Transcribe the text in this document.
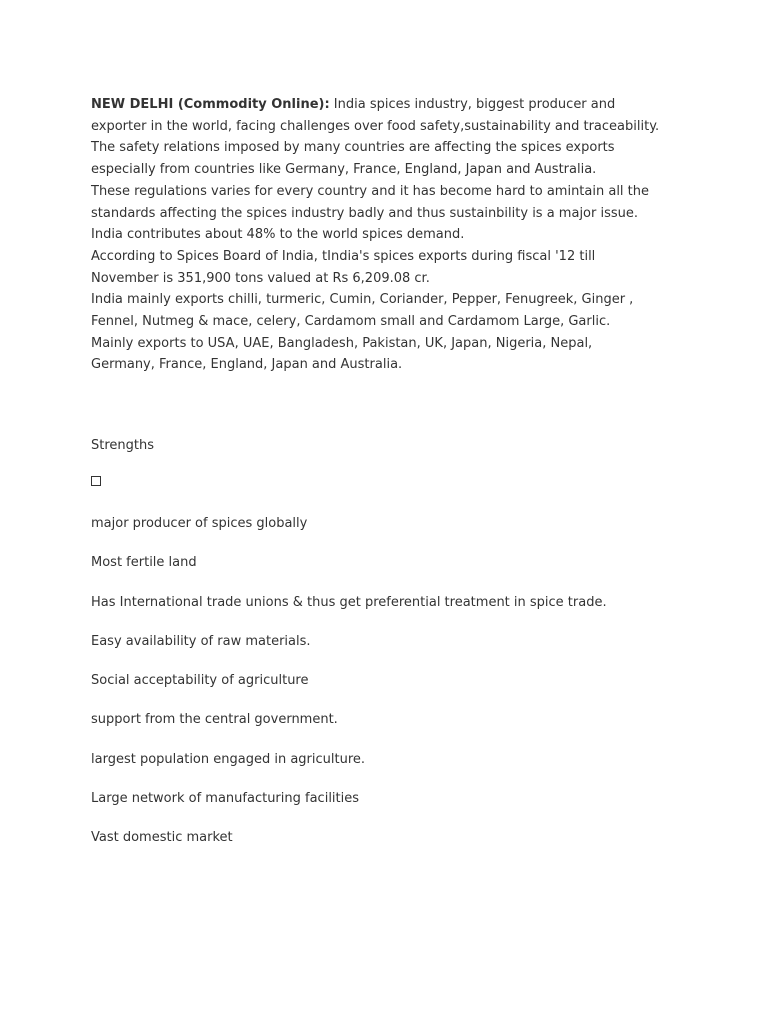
NEW DELHI (Commodity Online): India spices industry, biggest producer and
exporter in the world, facing challenges over food safety,sustainability and traceability.
The safety relations imposed by many countries are affecting the spices exports
especially from countries like Germany, France, England, Japan and Australia.
These regulations varies for every country and it has become hard to amintain all the
standards affecting the spices industry badly and thus sustainbility is a major issue.
India contributes about 48% to the world spices demand.
According to Spices Board of India, tIndia's spices exports during fiscal '12 till
November is 351,900 tons valued at Rs 6,209.08 cr.
India mainly exports chilli, turmeric, Cumin, Coriander, Pepper, Fenugreek, Ginger ,
Fennel, Nutmeg & mace, celery, Cardamom small and Cardamom Large, Garlic.
Mainly exports to USA, UAE, Bangladesh, Pakistan, UK, Japan, Nigeria, Nepal,
Germany, France, England, Japan and Australia.

Strengths

major producer of spices globally
Most fertile land
Has International trade unions & thus get preferential treatment in spice trade.
Easy availability of raw materials.
Social acceptability of agriculture
support from the central government.
largest population engaged in agriculture.
Large network of manufacturing facilities
Vast domestic market
